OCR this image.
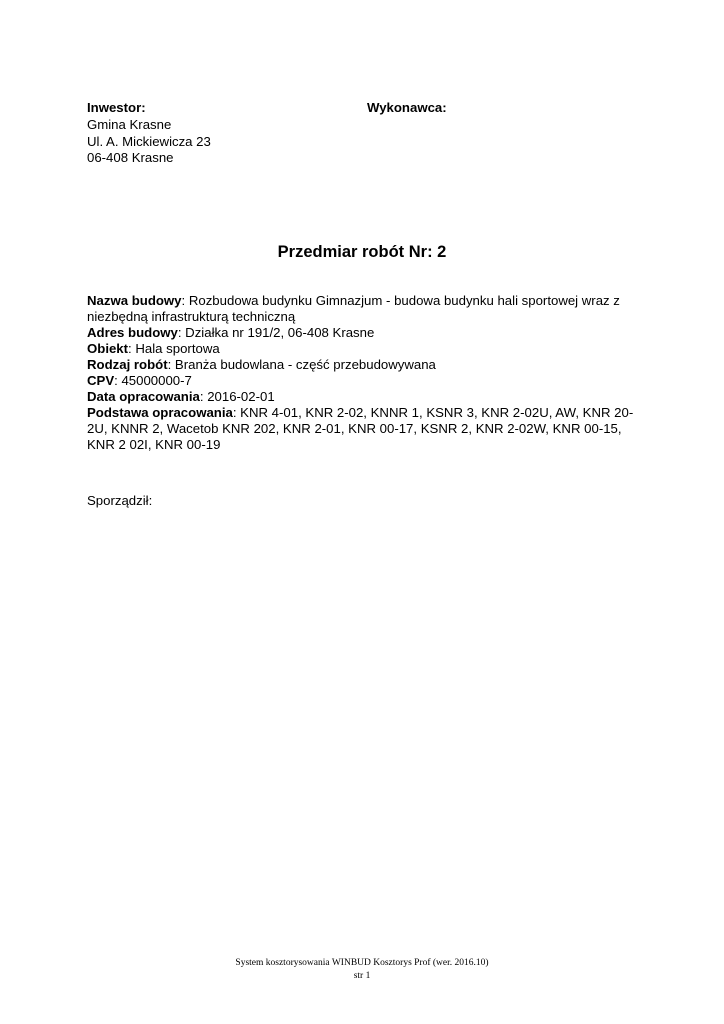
Inwestor:
Gmina Krasne
Ul. A. Mickiewicza 23
06-408 Krasne
Wykonawca:
Przedmiar robót Nr: 2

Nazwa budowy: Rozbudowa budynku Gimnazjum - budowa budynku hali sportowej wraz z niezbędną infrastrukturą techniczną

Adres budowy: Działka nr 191/2, 06-408 Krasne

Obiekt: Hala sportowa

Rodzaj robót: Branża budowlana - część przebudowywana

CPV: 45000000-7

Data opracowania: 2016-02-01

Podstawa opracowania: KNR 4-01, KNR 2-02, KNNR 1, KSNR 3, KNR 2-02U, AW, KNR 20-2U, KNNR 2, Wacetob KNR 202, KNR 2-01, KNR 00-17, KSNR 2, KNR 2-02W, KNR 00-15, KNR 2 02I, KNR 00-19

Sporządził:
System kosztorysowania WINBUD Kosztorys Prof (wer. 2016.10)
str 1
